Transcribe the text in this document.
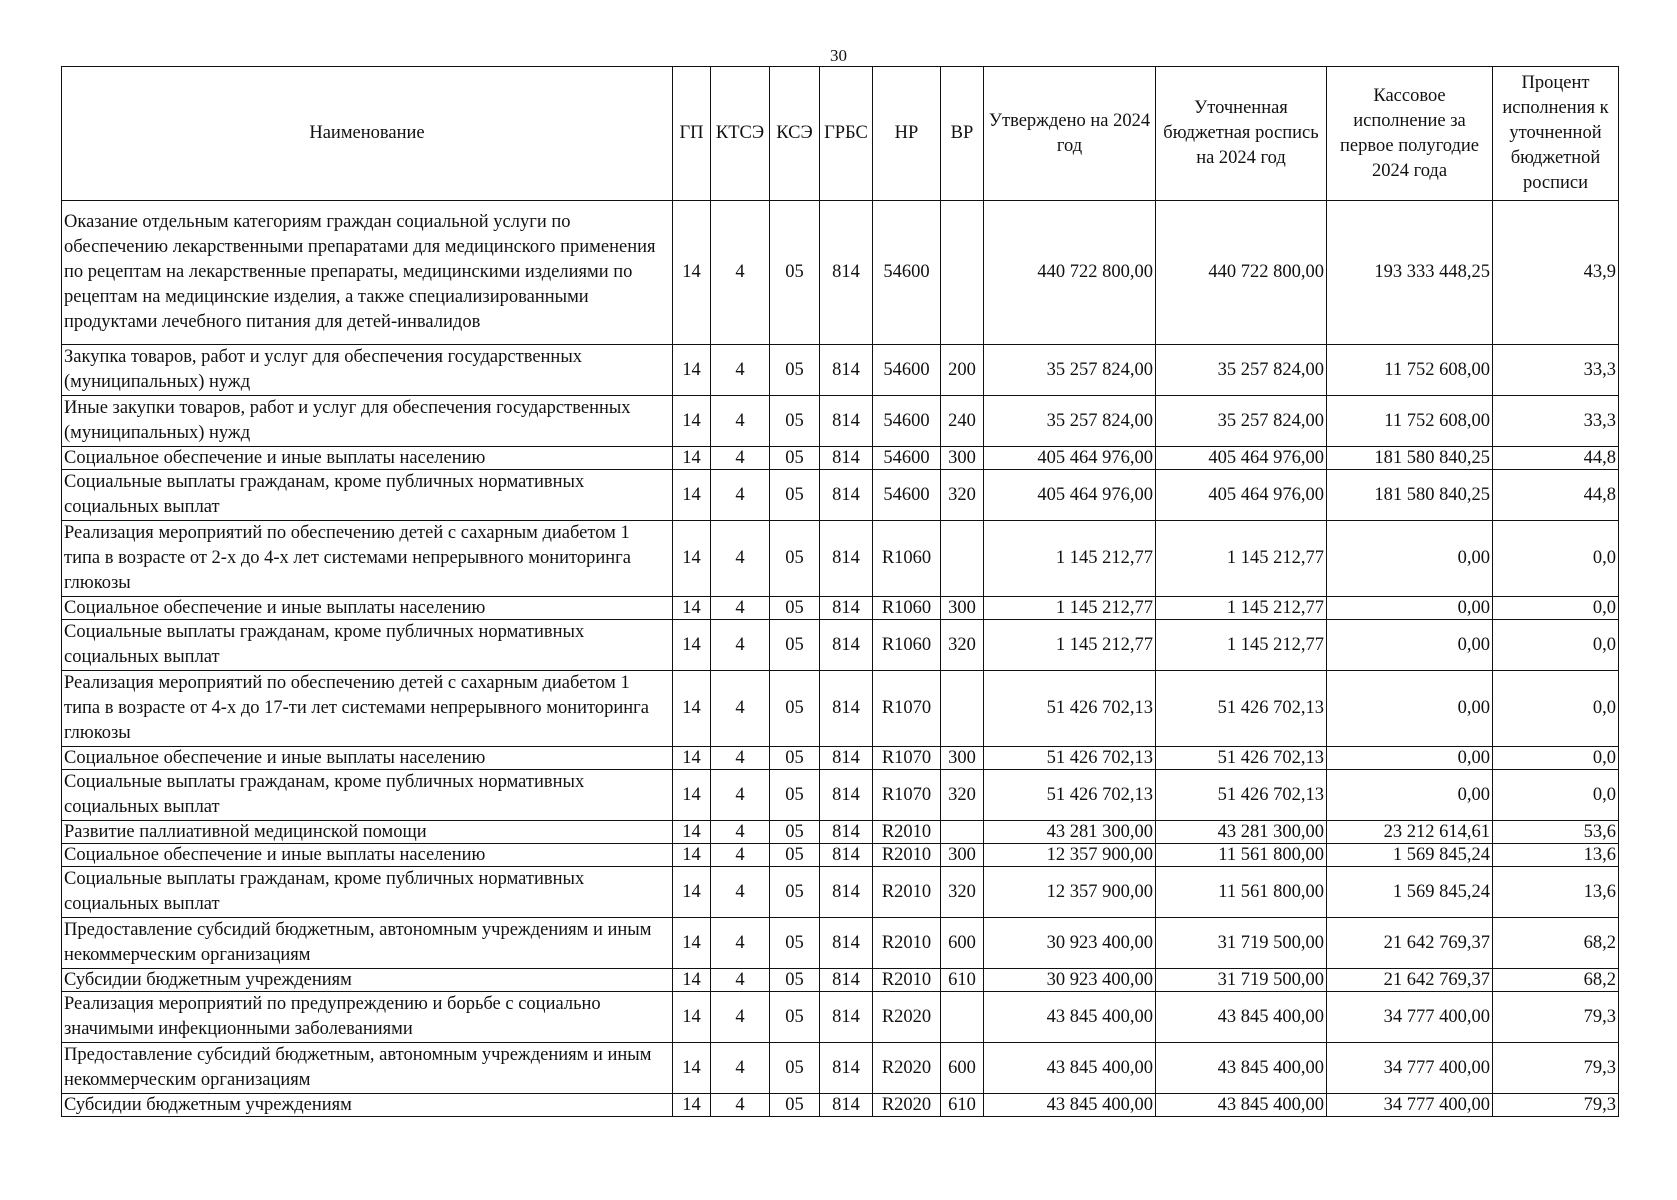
30
Наименование	ГП	КТСЭ	КСЭ	ГРБС	НР	ВР	Утверждено на 2024 год	Уточненная бюджетная роспись на 2024 год	Кассовое исполнение за первое полугодие 2024 года	Процент исполнения к уточненной бюджетной росписи
Оказание отдельным категориям граждан социальной услуги по обеспечению лекарственными препаратами для медицинского применения по рецептам на лекарственные препараты, медицинскими изделиями по рецептам на медицинские изделия, а также специализированными продуктами лечебного питания для детей-инвалидов	14	4	05	814	54600		440 722 800,00	440 722 800,00	193 333 448,25	43,9
Закупка товаров, работ и услуг для обеспечения государственных (муниципальных) нужд	14	4	05	814	54600	200	35 257 824,00	35 257 824,00	11 752 608,00	33,3
Иные закупки товаров, работ и услуг для обеспечения государственных (муниципальных) нужд	14	4	05	814	54600	240	35 257 824,00	35 257 824,00	11 752 608,00	33,3
Социальное обеспечение и иные выплаты населению	14	4	05	814	54600	300	405 464 976,00	405 464 976,00	181 580 840,25	44,8
Социальные выплаты гражданам, кроме публичных нормативных социальных выплат	14	4	05	814	54600	320	405 464 976,00	405 464 976,00	181 580 840,25	44,8
Реализация мероприятий по обеспечению детей с сахарным диабетом 1 типа в возрасте от 2-х до 4-х лет системами непрерывного мониторинга глюкозы	14	4	05	814	R1060		1 145 212,77	1 145 212,77	0,00	0,0
Социальное обеспечение и иные выплаты населению	14	4	05	814	R1060	300	1 145 212,77	1 145 212,77	0,00	0,0
Социальные выплаты гражданам, кроме публичных нормативных социальных выплат	14	4	05	814	R1060	320	1 145 212,77	1 145 212,77	0,00	0,0
Реализация мероприятий по обеспечению детей с сахарным диабетом 1 типа в возрасте от 4-х до 17-ти лет системами непрерывного мониторинга глюкозы	14	4	05	814	R1070		51 426 702,13	51 426 702,13	0,00	0,0
Социальное обеспечение и иные выплаты населению	14	4	05	814	R1070	300	51 426 702,13	51 426 702,13	0,00	0,0
Социальные выплаты гражданам, кроме публичных нормативных социальных выплат	14	4	05	814	R1070	320	51 426 702,13	51 426 702,13	0,00	0,0
Развитие паллиативной медицинской помощи	14	4	05	814	R2010		43 281 300,00	43 281 300,00	23 212 614,61	53,6
Социальное обеспечение и иные выплаты населению	14	4	05	814	R2010	300	12 357 900,00	11 561 800,00	1 569 845,24	13,6
Социальные выплаты гражданам, кроме публичных нормативных социальных выплат	14	4	05	814	R2010	320	12 357 900,00	11 561 800,00	1 569 845,24	13,6
Предоставление субсидий бюджетным, автономным учреждениям и иным некоммерческим организациям	14	4	05	814	R2010	600	30 923 400,00	31 719 500,00	21 642 769,37	68,2
Субсидии бюджетным учреждениям	14	4	05	814	R2010	610	30 923 400,00	31 719 500,00	21 642 769,37	68,2
Реализация мероприятий по предупреждению и борьбе с социально значимыми инфекционными заболеваниями	14	4	05	814	R2020		43 845 400,00	43 845 400,00	34 777 400,00	79,3
Предоставление субсидий бюджетным, автономным учреждениям и иным некоммерческим организациям	14	4	05	814	R2020	600	43 845 400,00	43 845 400,00	34 777 400,00	79,3
Субсидии бюджетным учреждениям	14	4	05	814	R2020	610	43 845 400,00	43 845 400,00	34 777 400,00	79,3
